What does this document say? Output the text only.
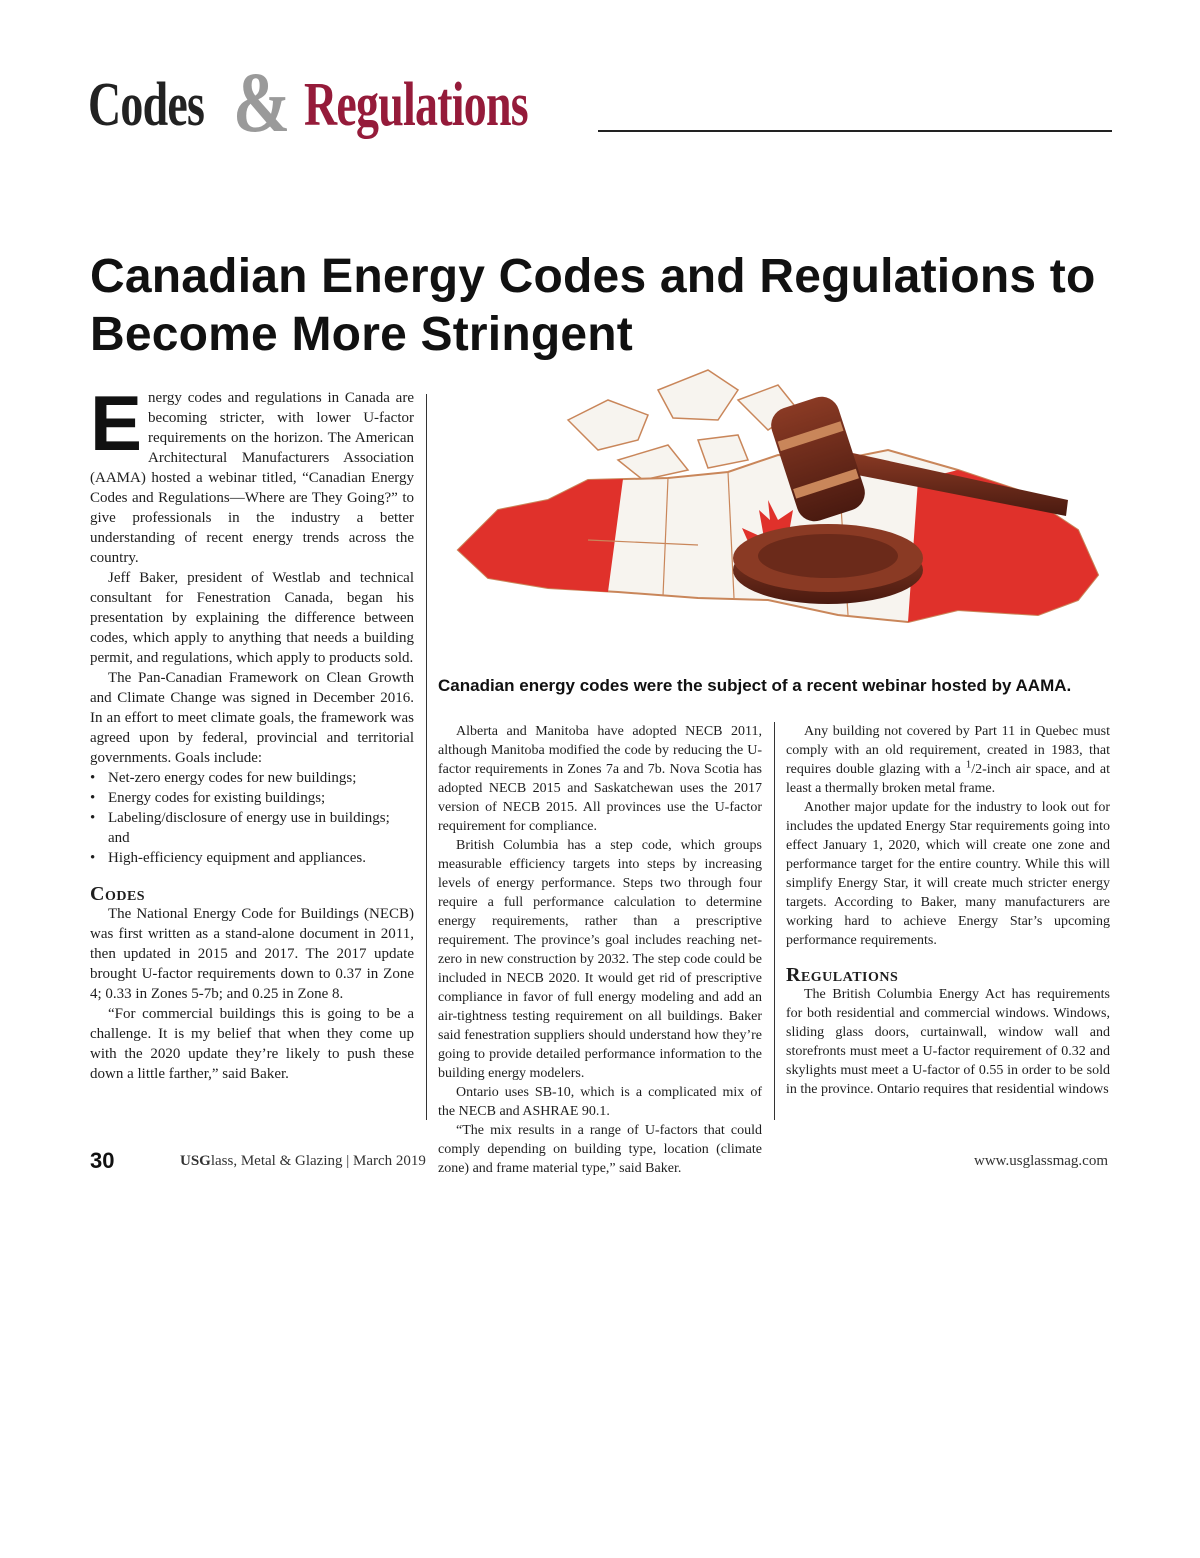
Codes & Regulations
Canadian Energy Codes and Regulations to Become More Stringent

Energy codes and regulations in Canada are becoming stricter, with lower U-factor requirements on the horizon. The American Architectural Manufacturers Association (AAMA) hosted a webinar titled, “Canadian Energy Codes and Regulations—Where are They Going?” to give professionals in the industry a better understanding of recent energy trends across the country.

Jeff Baker, president of Westlab and technical consultant for Fenestration Canada, began his presentation by explaining the difference between codes, which apply to anything that needs a building permit, and regulations, which apply to products sold.

The Pan-Canadian Framework on Clean Growth and Climate Change was signed in December 2016. In an effort to meet climate goals, the framework was agreed upon by federal, provincial and territorial governments. Goals include:

• Net-zero energy codes for new buildings;
• Energy codes for existing buildings;
• Labeling/disclosure of energy use in buildings; and
• High-efficiency equipment and appliances.
Codes

The National Energy Code for Buildings (NECB) was first written as a stand-alone document in 2011, then updated in 2015 and 2017. The 2017 update brought U-factor requirements down to 0.37 in Zone 4; 0.33 in Zones 5-7b; and 0.25 in Zone 8.

“For commercial buildings this is going to be a challenge. It is my belief that when they come up with the 2020 update they’re likely to push these down a little farther,” said Baker.

Canadian energy codes were the subject of a recent webinar hosted by AAMA.

Alberta and Manitoba have adopted NECB 2011, although Manitoba modified the code by reducing the U-factor requirements in Zones 7a and 7b. Nova Scotia has adopted NECB 2015 and Saskatchewan uses the 2017 version of NECB 2015. All provinces use the U-factor requirement for compliance.

British Columbia has a step code, which groups measurable efficiency targets into steps by increasing levels of energy performance. Steps two through four require a full performance calculation to determine energy requirements, rather than a prescriptive requirement. The province’s goal includes reaching net-zero in new construction by 2032. The step code could be included in NECB 2020. It would get rid of prescriptive compliance in favor of full energy modeling and add an air-tightness testing requirement on all buildings. Baker said fenestration suppliers should understand how they’re going to provide detailed performance information to the building energy modelers.

Ontario uses SB-10, which is a complicated mix of the NECB and ASHRAE 90.1.

“The mix results in a range of U-factors that could comply depending on building type, location (climate zone) and frame material type,” said Baker.

Any building not covered by Part 11 in Quebec must comply with an old requirement, created in 1983, that requires double glazing with a $^1$/2-inch air space, and at least a thermally broken metal frame.

Another major update for the industry to look out for includes the updated Energy Star requirements going into effect January 1, 2020, which will create one zone and performance target for the entire country. While this will simplify Energy Star, it will create much stricter energy targets. According to Baker, many manufacturers are working hard to achieve Energy Star’s upcoming performance requirements.

Regulations

The British Columbia Energy Act has requirements for both residential and commercial windows. Windows, sliding glass doors, curtainwall, window wall and storefronts must meet a U-factor requirement of 0.32 and skylights must meet a U-factor of 0.55 in order to be sold in the province. Ontario requires that residential windows

30	USGlass, Metal & Glazing | March 2019	www.usglassmag.com
